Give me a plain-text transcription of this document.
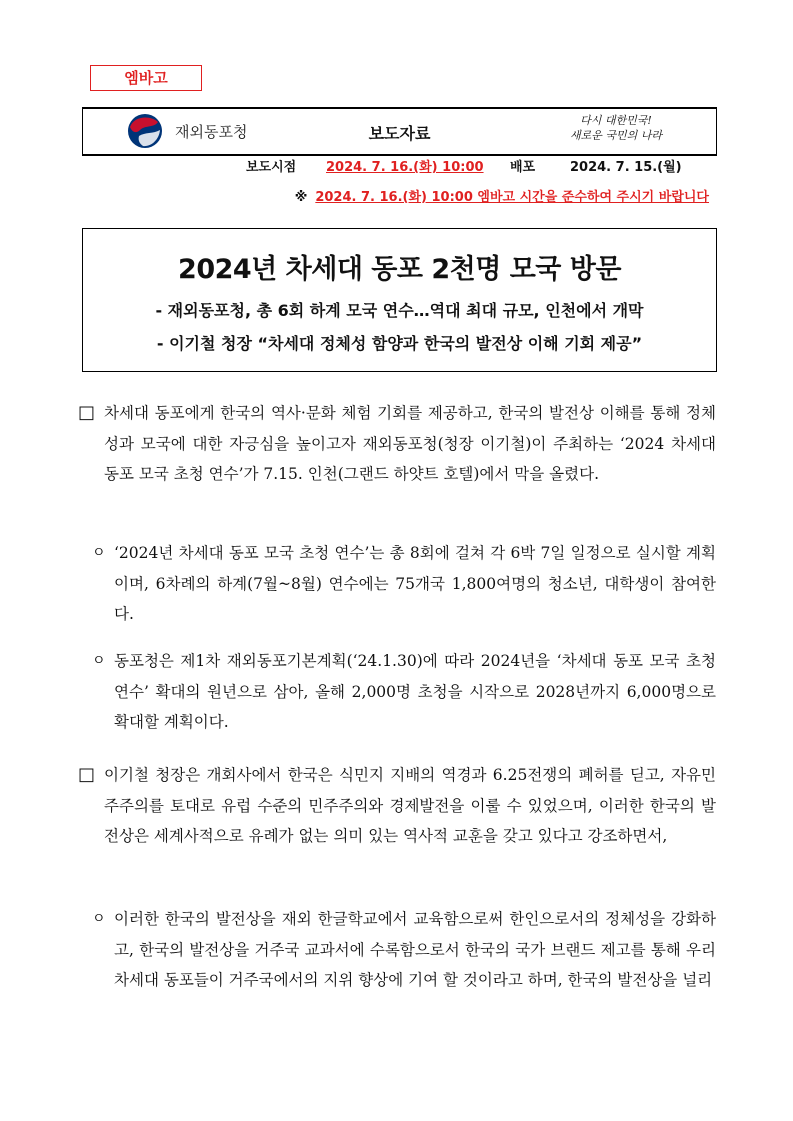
엠바고
재외동포청	보도자료
다시 대한민국!
새로운 국민의 나라
보도시점 2024. 7. 16.(화) 10:00 배포	2024. 7. 15.(월)
※ 2024. 7. 16.(화) 10:00 엠바고 시간을 준수하여 주시기 바랍니다
2024년 차세대 동포 2천명 모국 방문
- 재외동포청, 총 6회 하계 모국 연수…역대 최대 규모, 인천에서 개막
- 이기철 청장 “차세대 정체성 함양과 한국의 발전상 이해 기회 제공”
□ 차세대 동포에게 한국의 역사·문화 체험 기회를 제공하고, 한국의 발전상 이해를 통해 정체성과 모국에 대한 자긍심을 높이고자 재외동포청(청장 이기철)이 주최하는 ‘2024 차세대 동포 모국 초청 연수’가 7.15. 인천(그랜드 하얏트 호텔)에서 막을 올렸다.
ㅇ ‘2024년 차세대 동포 모국 초청 연수’는 총 8회에 걸쳐 각 6박 7일 일정으로 실시할 계획이며, 6차례의 하계(7월~8월) 연수에는 75개국 1,800여명의 청소년, 대학생이 참여한다.
ㅇ 동포청은 제1차 재외동포기본계획(‘24.1.30)에 따라 2024년을 ‘차세대 동포 모국 초청 연수’ 확대의 원년으로 삼아, 올해 2,000명 초청을 시작으로 2028년까지 6,000명으로 확대할 계획이다.
□ 이기철 청장은 개회사에서 한국은 식민지 지배의 역경과 6.25전쟁의 폐허를 딛고, 자유민주주의를 토대로 유럽 수준의 민주주의와 경제발전을 이룰 수 있었으며, 이러한 한국의 발전상은 세계사적으로 유례가 없는 의미 있는 역사적 교훈을 갖고 있다고 강조하면서,
ㅇ 이러한 한국의 발전상을 재외 한글학교에서 교육함으로써 한인으로서의 정체성을 강화하고, 한국의 발전상을 거주국 교과서에 수록함으로서 한국의 국가 브랜드 제고를 통해 우리 차세대 동포들이 거주국에서의 지위 향상에 기여 할 것이라고 하며, 한국의 발전상을 널리
